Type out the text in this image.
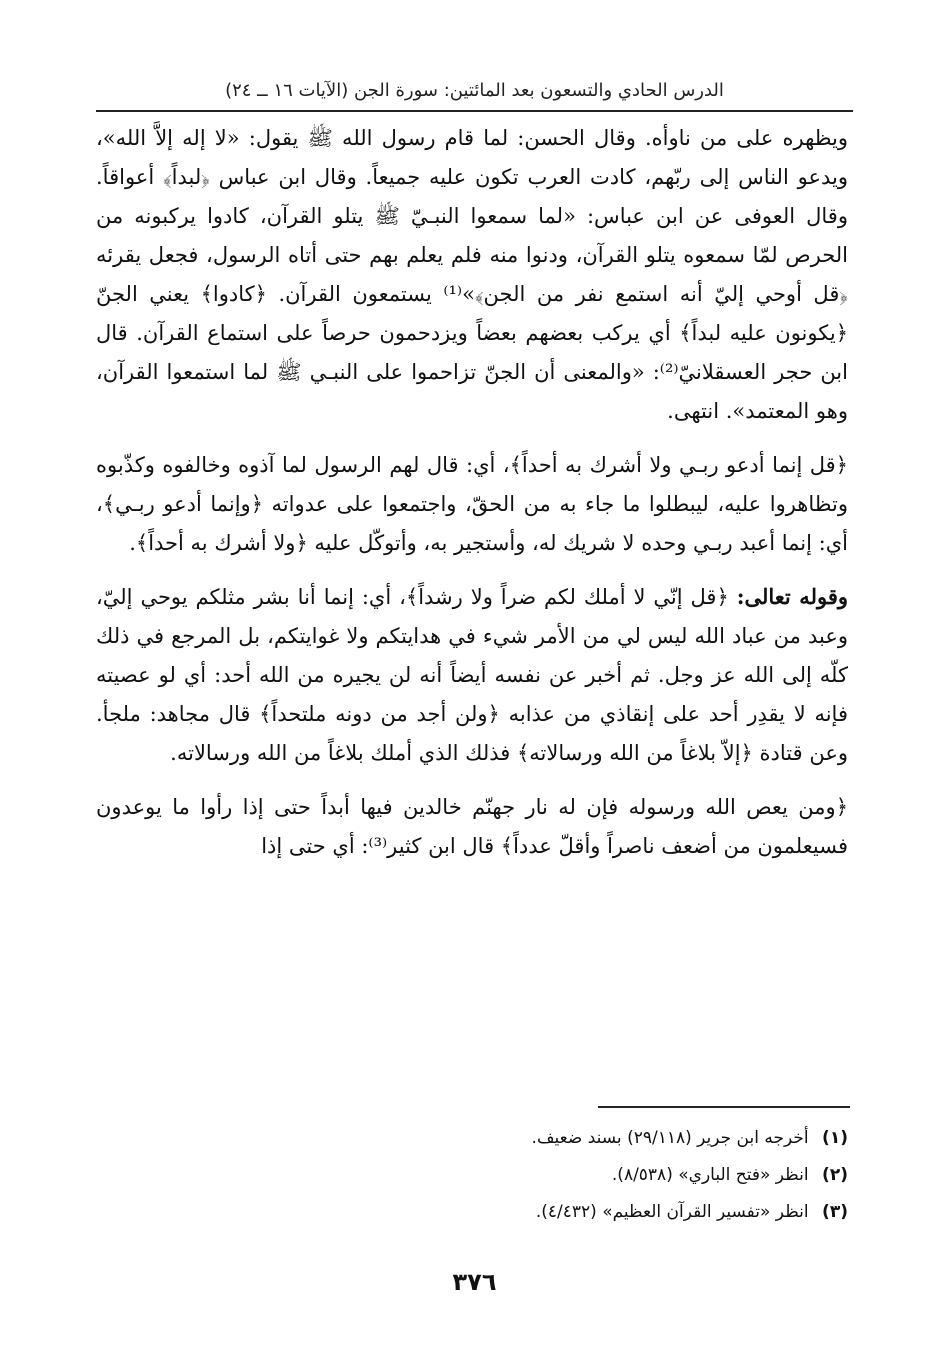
الدرس الحادي والتسعون بعد المائتين: سورة الجن (الآيات ١٦ ــ ٢٤)

ويظهره على من ناوأه. وقال الحسن: لما قام رسول الله ﷺ يقول: «لا إله إلاَّ الله»، ويدعو الناس إلى ربّهم، كادت العرب تكون عليه جميعاً. وقال ابن عباس ﴿لبداً﴾ أعواقاً. وقال العوفى عن ابن عباس: «لما سمعوا النبـيّ ﷺ يتلو القرآن، كادوا يركبونه من الحرص لمّا سمعوه يتلو القرآن، ودنوا منه فلم يعلم بهم حتى أتاه الرسول، فجعل يقرئه ﴿قل أوحي إليّ أنه استمع نفر من الجن﴾»⁽¹⁾ يستمعون القرآن. ﴿كادوا﴾ يعني الجنّ ﴿يكونون عليه لبداً﴾ أي يركب بعضهم بعضاً ويزدحمون حرصاً على استماع القرآن. قال ابن حجر العسقلانيّ⁽²⁾: «والمعنى أن الجنّ تزاحموا على النبـي ﷺ لما استمعوا القرآن، وهو المعتمد». انتهى.

﴿قل إنما أدعو ربـي ولا أشرك به أحداً﴾، أي: قال لهم الرسول لما آذوه وخالفوه وكذّبوه وتظاهروا عليه، ليبطلوا ما جاء به من الحقّ، واجتمعوا على عدواته ﴿وإنما أدعو ربـي﴾، أي: إنما أعبد ربـي وحده لا شريك له، وأستجير به، وأتوكّل عليه ﴿ولا أشرك به أحداً﴾.

وقوله تعالى: ﴿قل إنّي لا أملك لكم ضراً ولا رشداً﴾، أي: إنما أنا بشر مثلكم يوحي إليّ، وعبد من عباد الله ليس لي من الأمر شيء في هدايتكم ولا غوايتكم، بل المرجع في ذلك كلّه إلى الله عز وجل. ثم أخبر عن نفسه أيضاً أنه لن يجيره من الله أحد: أي لو عصيته فإنه لا يقدِر أحد على إنقاذي من عذابه ﴿ولن أجد من دونه ملتحداً﴾ قال مجاهد: ملجأ. وعن قتادة ﴿إلاّ بلاغاً من الله ورسالاته﴾ فذلك الذي أملك بلاغاً من الله ورسالاته.

﴿ومن يعص الله ورسوله فإن له نار جهنّم خالدين فيها أبداً حتى إذا رأوا ما يوعدون فسيعلمون من أضعف ناصراً وأقلّ عدداً﴾ قال ابن كثير⁽³⁾: أي حتى إذا

(١) أخرجه ابن جرير (٢٩/١١٨) بسند ضعيف.

(٢) انظر «فتح الباري» (٨/٥٣٨).

(٣) انظر «تفسير القرآن العظيم» (٤/٤٣٢).

٣٧٦
